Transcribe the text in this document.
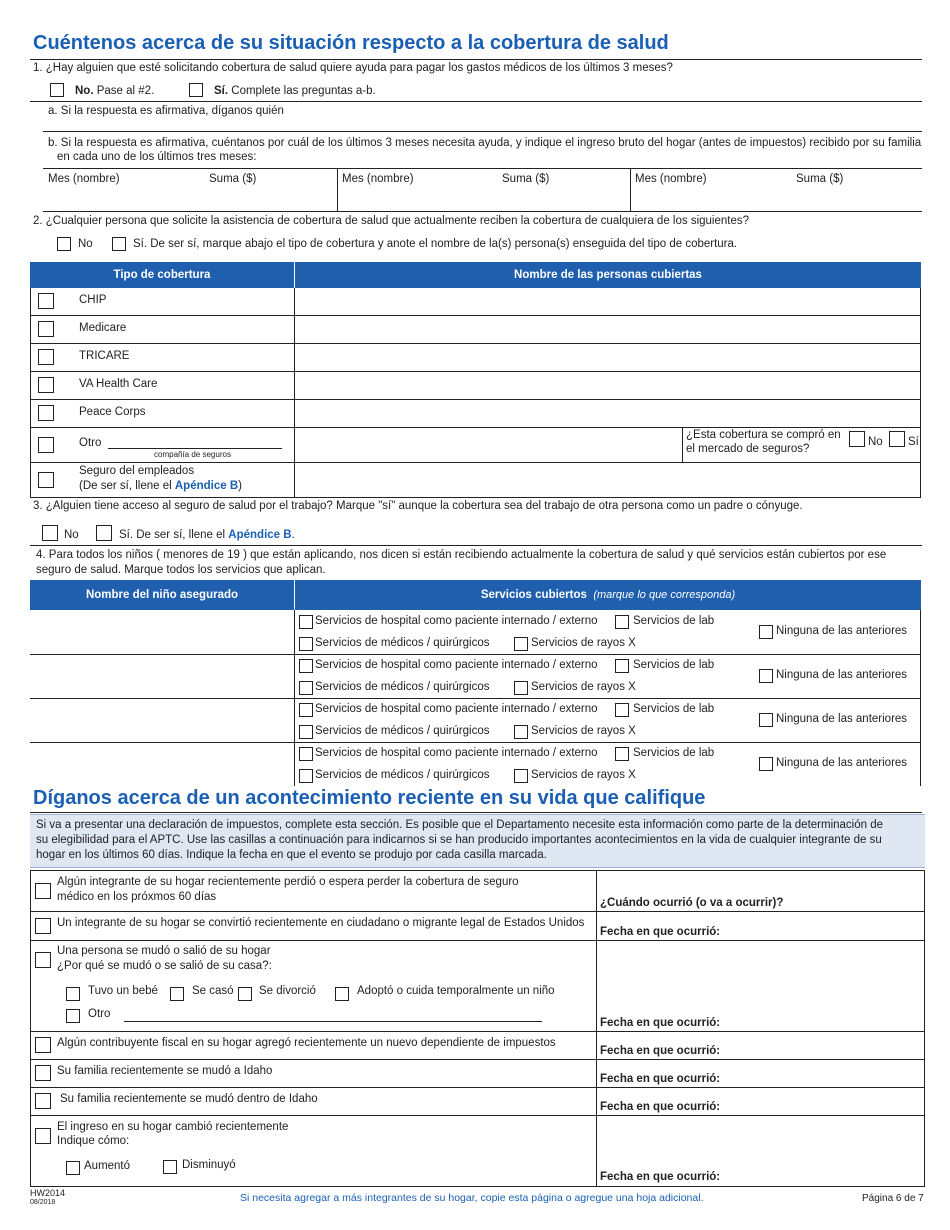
Cuéntenos acerca de su situación respecto a la cobertura de salud
1. ¿Hay alguien que esté solicitando cobertura de salud quiere ayuda para pagar los gastos médicos de los últimos 3 meses?
No. Pase al #2.	Sí. Complete las preguntas a-b.
a. Si la respuesta es afirmativa, díganos quién
b. Si la respuesta es afirmativa, cuéntanos por cuál de los últimos 3 meses necesita ayuda, y indique el ingreso bruto del hogar (antes de impuestos) recibido por su familia
en cada uno de los últimos tres meses:
Mes (nombre)	Suma ($)	Mes (nombre)	Suma ($)	Mes (nombre)	Suma ($)
2. ¿Cualquier persona que solicite la asistencia de cobertura de salud que actualmente reciben la cobertura de cualquiera de los siguientes?
No	Sí. De ser sí, marque abajo el tipo de cobertura y anote el nombre de la(s) persona(s) enseguida del tipo de cobertura.
Tipo de cobertura	Nombre de las personas cubiertas
CHIP
Medicare
TRICARE
VA Health Care
Peace Corps
Otro
compañía de seguros
¿Esta cobertura se compró en
el mercado de seguros?
No Sí
Seguro del empleados
(De ser sí, llene el Apéndice B)
3. ¿Alguien tiene acceso al seguro de salud por el trabajo? Marque "sí" aunque la cobertura sea del trabajo de otra persona como un padre o cónyuge.
No	Sí. De ser sí, llene el Apéndice B.
4. Para todos los niños ( menores de 19 ) que están aplicando, nos dicen si están recibiendo actualmente la cobertura de salud y qué servicios están cubiertos por ese
seguro de salud. Marque todos los servicios que aplican.
Nombre del niño asegurado	Servicios cubiertos
(marque lo que corresponda)
Servicios de hospital como paciente internado / externo	Servicios de lab
Servicios de médicos / quirúrgicos	Servicios de rayos X
Ninguna de las anteriores
Servicios de hospital como paciente internado / externo	Servicios de lab
Servicios de médicos / quirúrgicos	Servicios de rayos X
Ninguna de las anteriores
Servicios de hospital como paciente internado / externo	Servicios de lab
Servicios de médicos / quirúrgicos	Servicios de rayos X
Ninguna de las anteriores
Servicios de hospital como paciente internado / externo	Servicios de lab
Servicios de médicos / quirúrgicos	Servicios de rayos X
Ninguna de las anteriores
Díganos acerca de un acontecimiento reciente en su vida que califique
Si va a presentar una declaración de impuestos, complete esta sección. Es posible que el Departamento necesite esta información como parte de la determinación de
su elegibilidad para el APTC. Use las casillas a continuación para indicarnos si se han producido importantes acontecimientos en la vida de cualquier integrante de su
hogar en los últimos 60 días. Indique la fecha en que el evento se produjo por cada casilla marcada.
Algún integrante de su hogar recientemente perdió o espera perder la cobertura de seguro
médico en los próxmos 60 días	¿Cuándo ocurrió (o va a ocurrir)?
Un integrante de su hogar se convirtió recientemente en ciudadano o migrante legal de Estados Unidos
Fecha en que ocurrió:
Una persona se mudó o salió de su hogar
¿Por qué se mudó o se salió de su casa?:
Tuvo un bebé	Se casó Se divorció	Adoptó o cuida temporalmente un niño
Otro
Fecha en que ocurrió:
Algún contribuyente fiscal en su hogar agregó recientemente un nuevo dependiente de impuestos
Fecha en que ocurrió:
Su familia recientemente se mudó a Idaho
Fecha en que ocurrió:
Su familia recientemente se mudó dentro de Idaho
Fecha en que ocurrió:
El ingreso en su hogar cambió recientemente
Indique cómo:
Aumentó	Disminuyó
Fecha en que ocurrió:
HW2014
08/2018	Si necesita agregar a más integrantes de su hogar, copie esta página o agregue una hoja adicional.	Página 6 de 7
